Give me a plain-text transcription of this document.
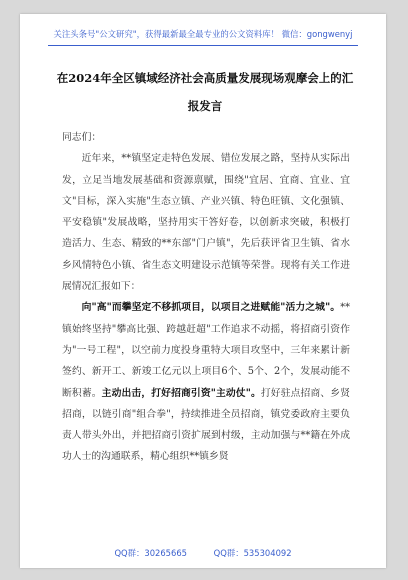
关注头条号"公文研究"，获得最新最全最专业的公文资料库！ 微信：gongwenyj
在2024年全区镇域经济社会高质量发展现场观摩会上的汇报发言

同志们：

近年来，**镇坚定走特色发展、错位发展之路，坚持从实际出发，立足当地发展基础和资源禀赋，围绕"宜居、宜商、宜业、宜文"目标，深入实施"生态立镇、产业兴镇、特色旺镇、文化强镇、平安稳镇"发展战略，坚持用实干答好卷，以创新求突破，积极打造活力、生态、精致的**东部"门户镇"，先后获评省卫生镇、省水乡风情特色小镇、省生态文明建设示范镇等荣誉。现将有关工作进展情况汇报如下：

向"高"而攀坚定不移抓项目，以项目之进赋能"活力之城"。**镇始终坚持"攀高比强、跨越赶超"工作追求不动摇，将招商引资作为"一号工程"，以空前力度投身重特大项目攻坚中，三年来累计新签约、新开工、新竣工亿元以上项目6个、5个、2个，发展动能不断积蓄。主动出击，打好招商引资"主动仗"。打好驻点招商、乡贤招商，以链引商"组合拳"，持续推进全员招商，镇党委政府主要负责人带头外出，并把招商引资扩展到村级，主动加强与**籍在外成功人士的沟通联系，精心组织**镇乡贤

QQ群：30265665	QQ群：535304092
